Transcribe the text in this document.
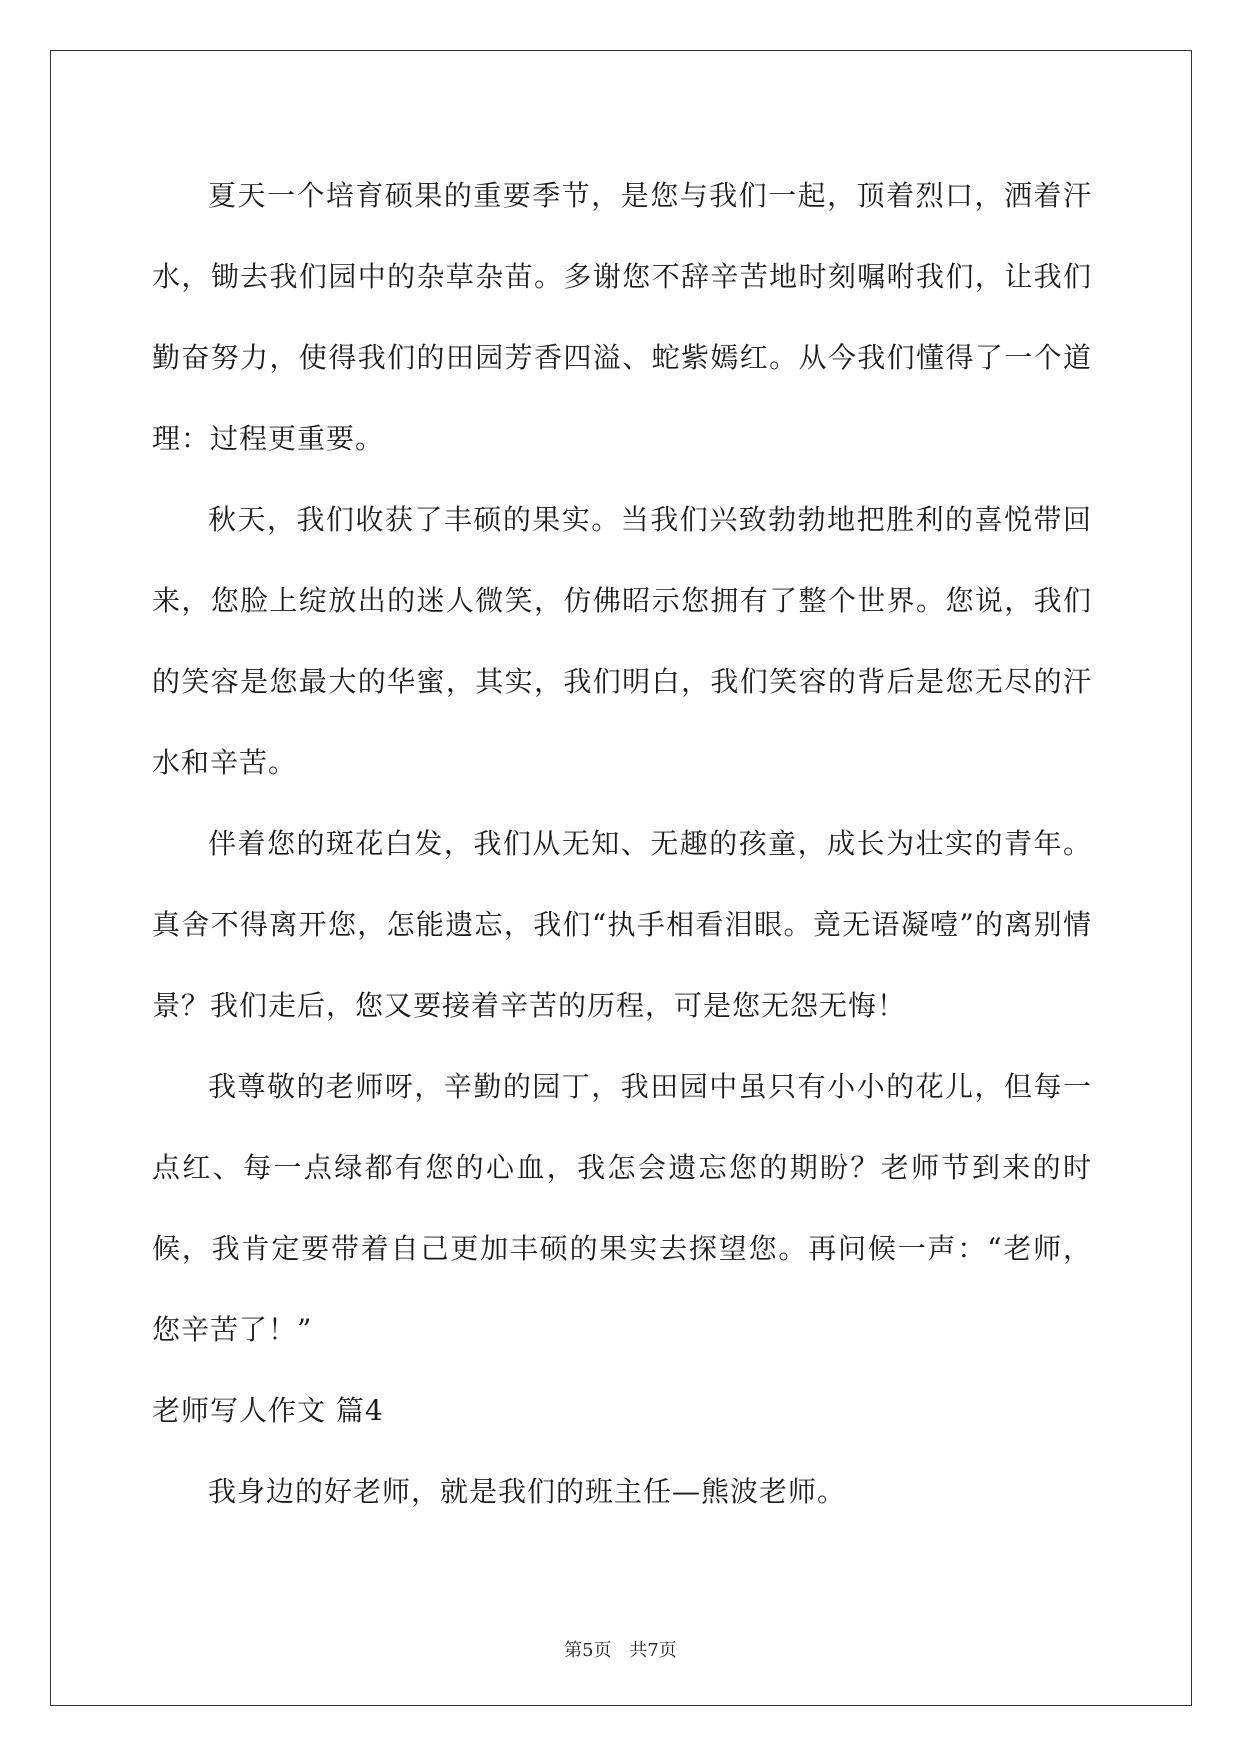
夏天一个培育硕果的重要季节，是您与我们一起，顶着烈口，洒着汗水，锄去我们园中的杂草杂苗。多谢您不辞辛苦地时刻嘱咐我们，让我们勤奋努力，使得我们的田园芳香四溢、蛇紫嫣红。从今我们懂得了一个道理：过程更重要。

秋天，我们收获了丰硕的果实。当我们兴致勃勃地把胜利的喜悦带回来，您脸上绽放出的迷人微笑，仿佛昭示您拥有了整个世界。您说，我们的笑容是您最大的华蜜，其实，我们明白，我们笑容的背后是您无尽的汗水和辛苦。

伴着您的斑花白发，我们从无知、无趣的孩童，成长为壮实的青年。真舍不得离开您，怎能遗忘，我们“执手相看泪眼。竟无语凝噎”的离别情景？我们走后，您又要接着辛苦的历程，可是您无怨无悔！

我尊敬的老师呀，辛勤的园丁，我田园中虽只有小小的花儿，但每一点红、每一点绿都有您的心血，我怎会遗忘您的期盼？老师节到来的时候，我肯定要带着自己更加丰硕的果实去探望您。再问候一声：“老师，您辛苦了！”

老师写人作文 篇4

我身边的好老师，就是我们的班主任—熊波老师。

第5页 共7页
